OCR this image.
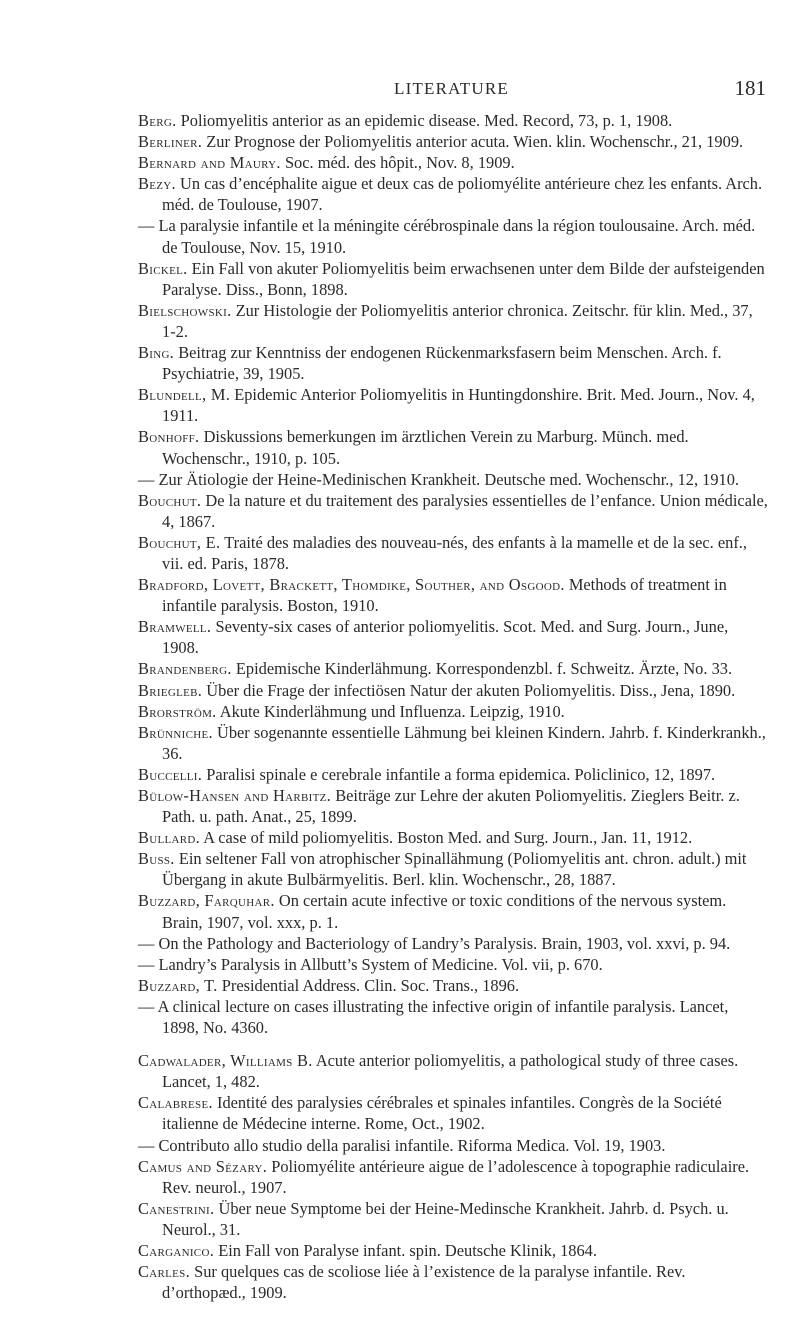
LITERATURE	181

Berg. Poliomyelitis anterior as an epidemic disease. Med. Record, 73, p. 1, 1908.

Berliner. Zur Prognose der Poliomyelitis anterior acuta. Wien. klin. Wochenschr., 21, 1909.

Bernard and Maury. Soc. méd. des hôpit., Nov. 8, 1909.

Bezy. Un cas d’encéphalite aigue et deux cas de poliomyélite antérieure chez les enfants. Arch. méd. de Toulouse, 1907.

— La paralysie infantile et la méningite cérébrospinale dans la région toulousaine. Arch. méd. de Toulouse, Nov. 15, 1910.

Bickel. Ein Fall von akuter Poliomyelitis beim erwachsenen unter dem Bilde der aufsteigenden Paralyse. Diss., Bonn, 1898.

Bielschowski. Zur Histologie der Poliomyelitis anterior chronica. Zeitschr. für klin. Med., 37, 1-2.

Bing. Beitrag zur Kenntniss der endogenen Rückenmarksfasern beim Menschen. Arch. f. Psychiatrie, 39, 1905.

Blundell, M. Epidemic Anterior Poliomyelitis in Huntingdonshire. Brit. Med. Journ., Nov. 4, 1911.

Bonhoff. Diskussions bemerkungen im ärztlichen Verein zu Marburg. Münch. med. Wochenschr., 1910, p. 105.

— Zur Ätiologie der Heine-Medinischen Krankheit. Deutsche med. Wochenschr., 12, 1910.

Bouchut. De la nature et du traitement des paralysies essentielles de l’enfance. Union médicale, 4, 1867.

Bouchut, E. Traité des maladies des nouveau-nés, des enfants à la mamelle et de la sec. enf., vii. ed. Paris, 1878.

Bradford, Lovett, Brackett, Thomdike, Souther, and Osgood. Methods of treatment in infantile paralysis. Boston, 1910.

Bramwell. Seventy-six cases of anterior poliomyelitis. Scot. Med. and Surg. Journ., June, 1908.

Brandenberg. Epidemische Kinderlähmung. Korrespondenzbl. f. Schweitz. Ärzte, No. 33.

Briegleb. Über die Frage der infectiösen Natur der akuten Poliomyelitis. Diss., Jena, 1890.

Brorström. Akute Kinderlähmung und Influenza. Leipzig, 1910.

Brünniche. Über sogenannte essentielle Lähmung bei kleinen Kindern. Jahrb. f. Kinderkrankh., 36.

Buccelli. Paralisi spinale e cerebrale infantile a forma epidemica. Policlinico, 12, 1897.

Bülow-Hansen and Harbitz. Beiträge zur Lehre der akuten Poliomyelitis. Zieglers Beitr. z. Path. u. path. Anat., 25, 1899.

Bullard. A case of mild poliomyelitis. Boston Med. and Surg. Journ., Jan. 11, 1912.

Buss. Ein seltener Fall von atrophischer Spinallähmung (Poliomyelitis ant. chron. adult.) mit Übergang in akute Bulbärmyelitis. Berl. klin. Wochenschr., 28, 1887.

Buzzard, Farquhar. On certain acute infective or toxic conditions of the nervous system. Brain, 1907, vol. xxx, p. 1.

— On the Pathology and Bacteriology of Landry’s Paralysis. Brain, 1903, vol. xxvi, p. 94.

— Landry’s Paralysis in Allbutt’s System of Medicine. Vol. vii, p. 670.

Buzzard, T. Presidential Address. Clin. Soc. Trans., 1896.

— A clinical lecture on cases illustrating the infective origin of infantile paralysis. Lancet, 1898, No. 4360.

Cadwalader, Williams B. Acute anterior poliomyelitis, a pathological study of three cases. Lancet, 1, 482.

Calabrese. Identité des paralysies cérébrales et spinales infantiles. Congrès de la Société italienne de Médecine interne. Rome, Oct., 1902.

— Contributo allo studio della paralisi infantile. Riforma Medica. Vol. 19, 1903.

Camus and Sézary. Poliomyélite antérieure aigue de l’adolescence à topographie radiculaire. Rev. neurol., 1907.

Canestrini. Über neue Symptome bei der Heine-Medinsche Krankheit. Jahrb. d. Psych. u. Neurol., 31.

Carganico. Ein Fall von Paralyse infant. spin. Deutsche Klinik, 1864.

Carles. Sur quelques cas de scoliose liée à l’existence de la paralyse infantile. Rev. d’orthopæd., 1909.
